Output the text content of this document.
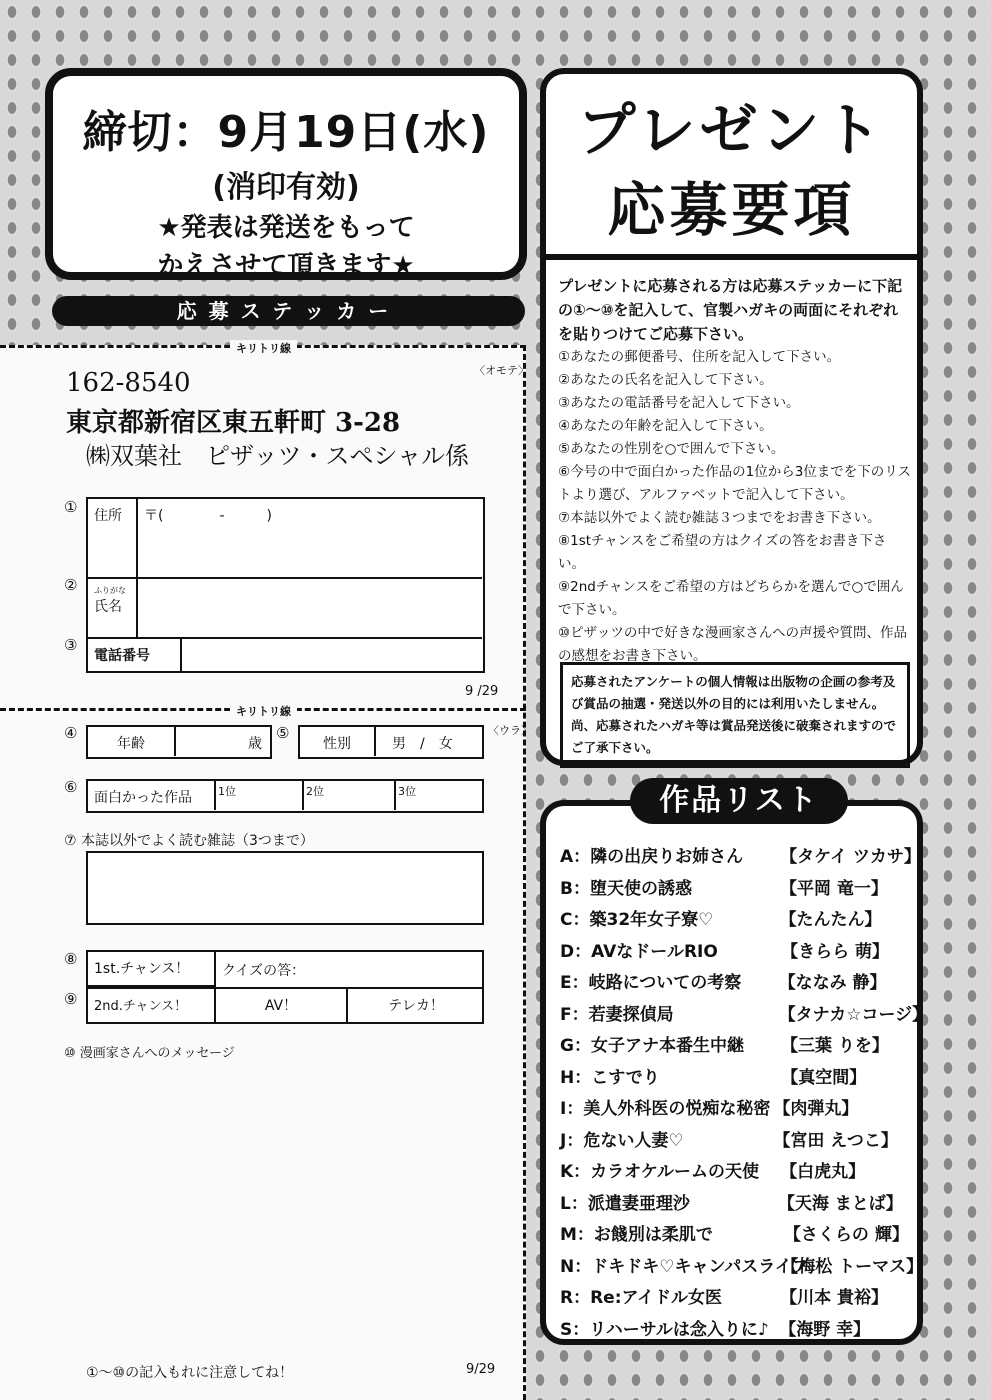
締切：9月19日(水)
(消印有効)
★発表は発送をもって
かえさせて頂きます★
応募ステッカー
キリトリ線
キリトリ線
〈オモテ〉
162-8540
東京都新宿区東五軒町 3-28
㈱双葉社　ピザッツ・スペシャル係
①
②
③
住所	〒(　　　　-　　　)
ふりがな
氏名
電話番号
9 /29
〈ウラ〉
④
年齢	歳
⑤
性別	男　/　女
⑥
面白かった作品	1位	2位	3位
⑦ 本誌以外でよく読む雑誌（3つまで）
⑧
⑨
1st.チャンス！	クイズの答：
2nd.チャンス！	AV！	テレカ！
⑩ 漫画家さんへのメッセージ
①〜⑩の記入もれに注意してね！	9/29
プレゼント
応募要項
プレゼントに応募される方は応募ステッカーに下記の①〜⑩を記入して、官製ハガキの両面にそれぞれを貼りつけてご応募下さい。
①あなたの郵便番号、住所を記入して下さい。
②あなたの氏名を記入して下さい。
③あなたの電話番号を記入して下さい。
④あなたの年齢を記入して下さい。
⑤あなたの性別を○で囲んで下さい。
⑥今号の中で面白かった作品の1位から3位までを下のリストより選び、アルファベットで記入して下さい。
⑦本誌以外でよく読む雑誌３つまでをお書き下さい。
⑧1stチャンスをご希望の方はクイズの答をお書き下さい。
⑨2ndチャンスをご希望の方はどちらかを選んで○で囲んで下さい。
⑩ピザッツの中で好きな漫画家さんへの声援や質問、作品の感想をお書き下さい。
応募されたアンケートの個人情報は出版物の企画の参考及び賞品の抽選・発送以外の目的には利用いたしません。尚、応募されたハガキ等は賞品発送後に破棄されますのでご了承下さい。
A：隣の出戻りお姉さん 【タケイ ツカサ】
B：堕天使の誘惑	【平岡 竜一】
C：築32年女子寮♡	【たんたん】
D：AVなドールRIO	【きらら 萌】
E：岐路についての考察 【ななみ 静】
F：若妻探偵局	【タナカ☆コージ】
G：女子アナ本番生中継 【三葉 りを】
H：こすでり	【真空間】
I：美人外科医の悦痴な秘密 【肉弾丸】
J：危ない人妻♡	【宮田 えつこ】
K：カラオケルームの天使 【白虎丸】
L：派遣妻亜理沙	【天海 まとば】
M：お餞別は柔肌で	【さくらの 輝】
N：ドキドキ♡キャンパスライフ【梅松 トーマス】
R：Re:アイドル女医	【川本 貴裕】
S：リハーサルは念入りに♪ 【海野 幸】
作品リスト
